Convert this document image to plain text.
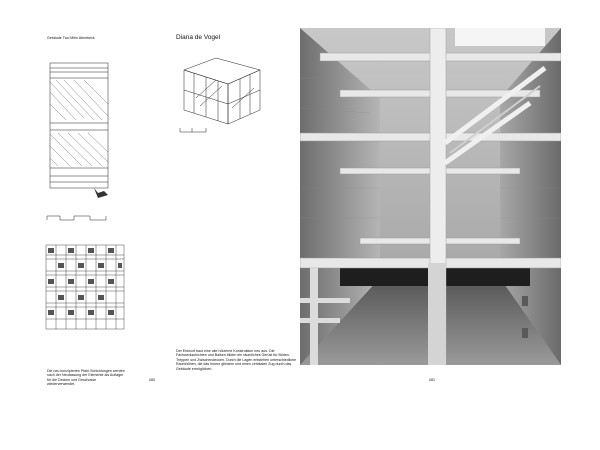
Gebäude Two Mitin Abenbeck
Die neu konzipierten Pfahl-Schichtungen werden nach der Neufassung der Elemente als Auflager für die Decken und Geschosse wiederverwendet.
080
Diana de Vogel
Der Entwurf baut eine alte hölzerne Konstruktion neu aus. Die Fachwerkschichten und Balken bilden ein räumliches Gerüst für Böden, Treppen und Zwischendecken. Durch die Lagen entstehen unterschiedliche Raumhöhen, die das Innere gliedern und einen vertikalen Zug durch das Gebäude ermöglichen.
081
